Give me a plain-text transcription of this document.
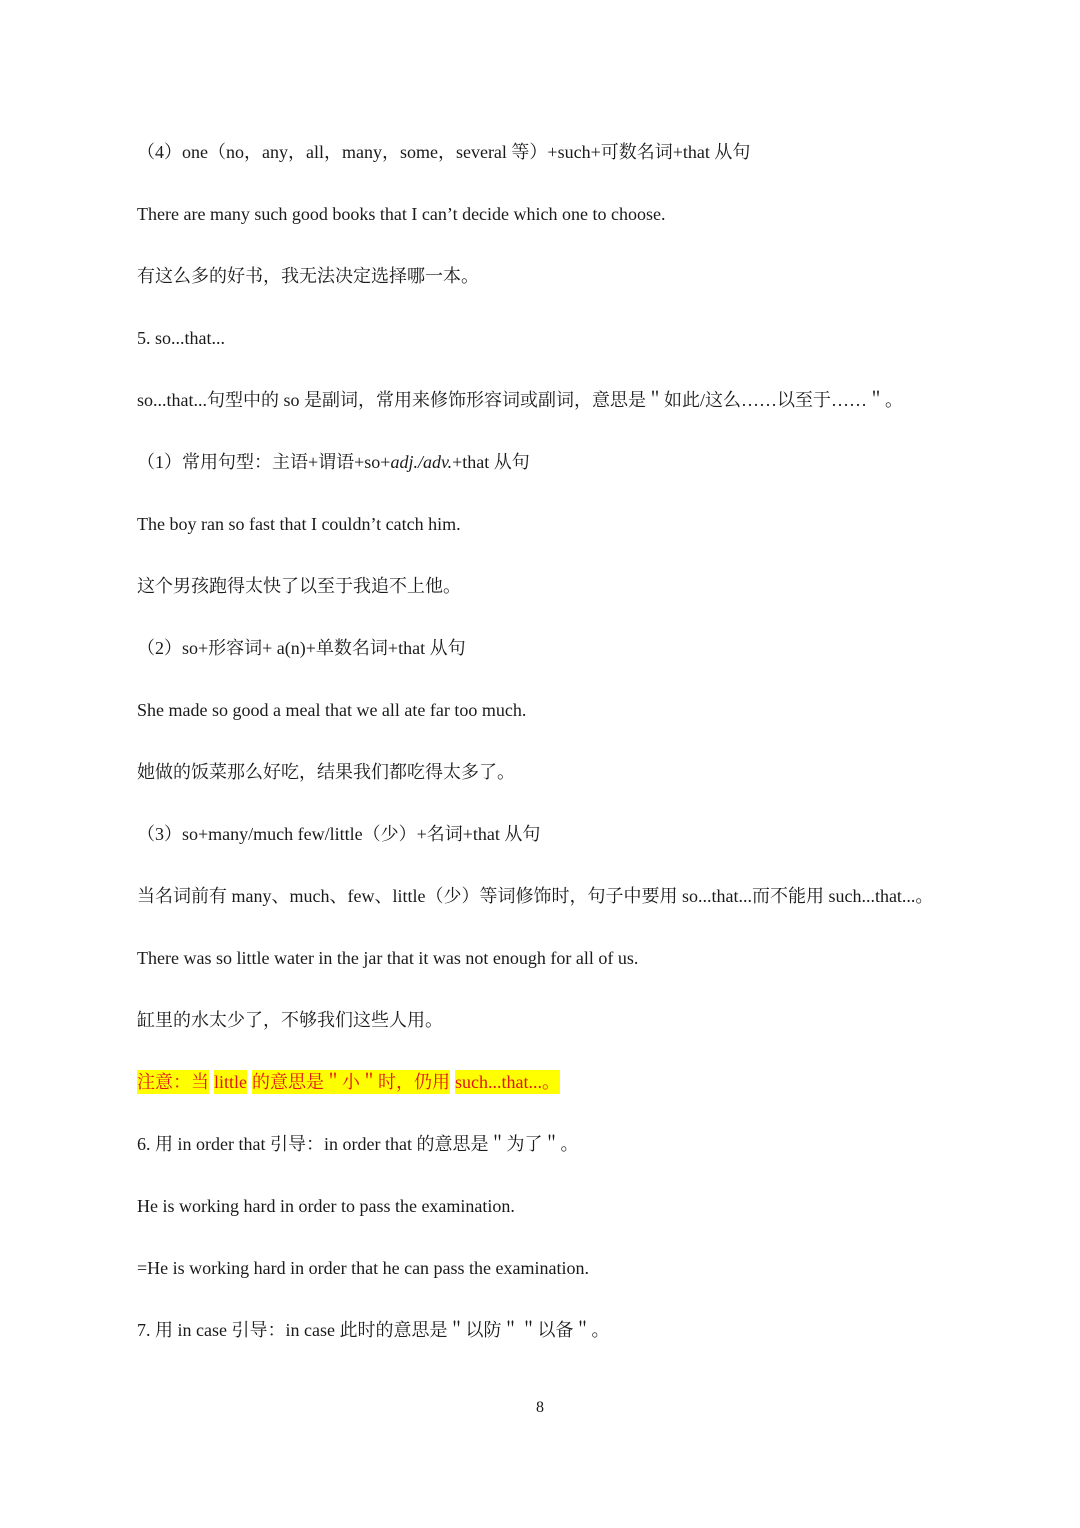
（4）one（no，any，all，many，some，several 等）+such+可数名词+that 从句
There are many such good books that I can’t decide which one to choose.
有这么多的好书，我无法决定选择哪一本。
5. so...that...
so...that...句型中的 so 是副词，常用来修饰形容词或副词，意思是＂如此/这么……以至于……＂。
（1）常用句型：主语+谓语+so+adj./adv.+that 从句
The boy ran so fast that I couldn’t catch him.
这个男孩跑得太快了以至于我追不上他。
（2）so+形容词+ a(n)+单数名词+that 从句
She made so good a meal that we all ate far too much.
她做的饭菜那么好吃，结果我们都吃得太多了。
（3）so+many/much few/little（少）+名词+that 从句
当名词前有 many、much、few、little（少）等词修饰时，句子中要用 so...that...而不能用 such...that...。
There was so little water in the jar that it was not enough for all of us.
缸里的水太少了，不够我们这些人用。
注意：当 little 的意思是＂小＂时，仍用 such...that...。
6. 用 in order that 引导：in order that 的意思是＂为了＂。
He is working hard in order to pass the examination.
=He is working hard in order that he can pass the examination.
7. 用 in case 引导：in case 此时的意思是＂以防＂＂以备＂。
8
